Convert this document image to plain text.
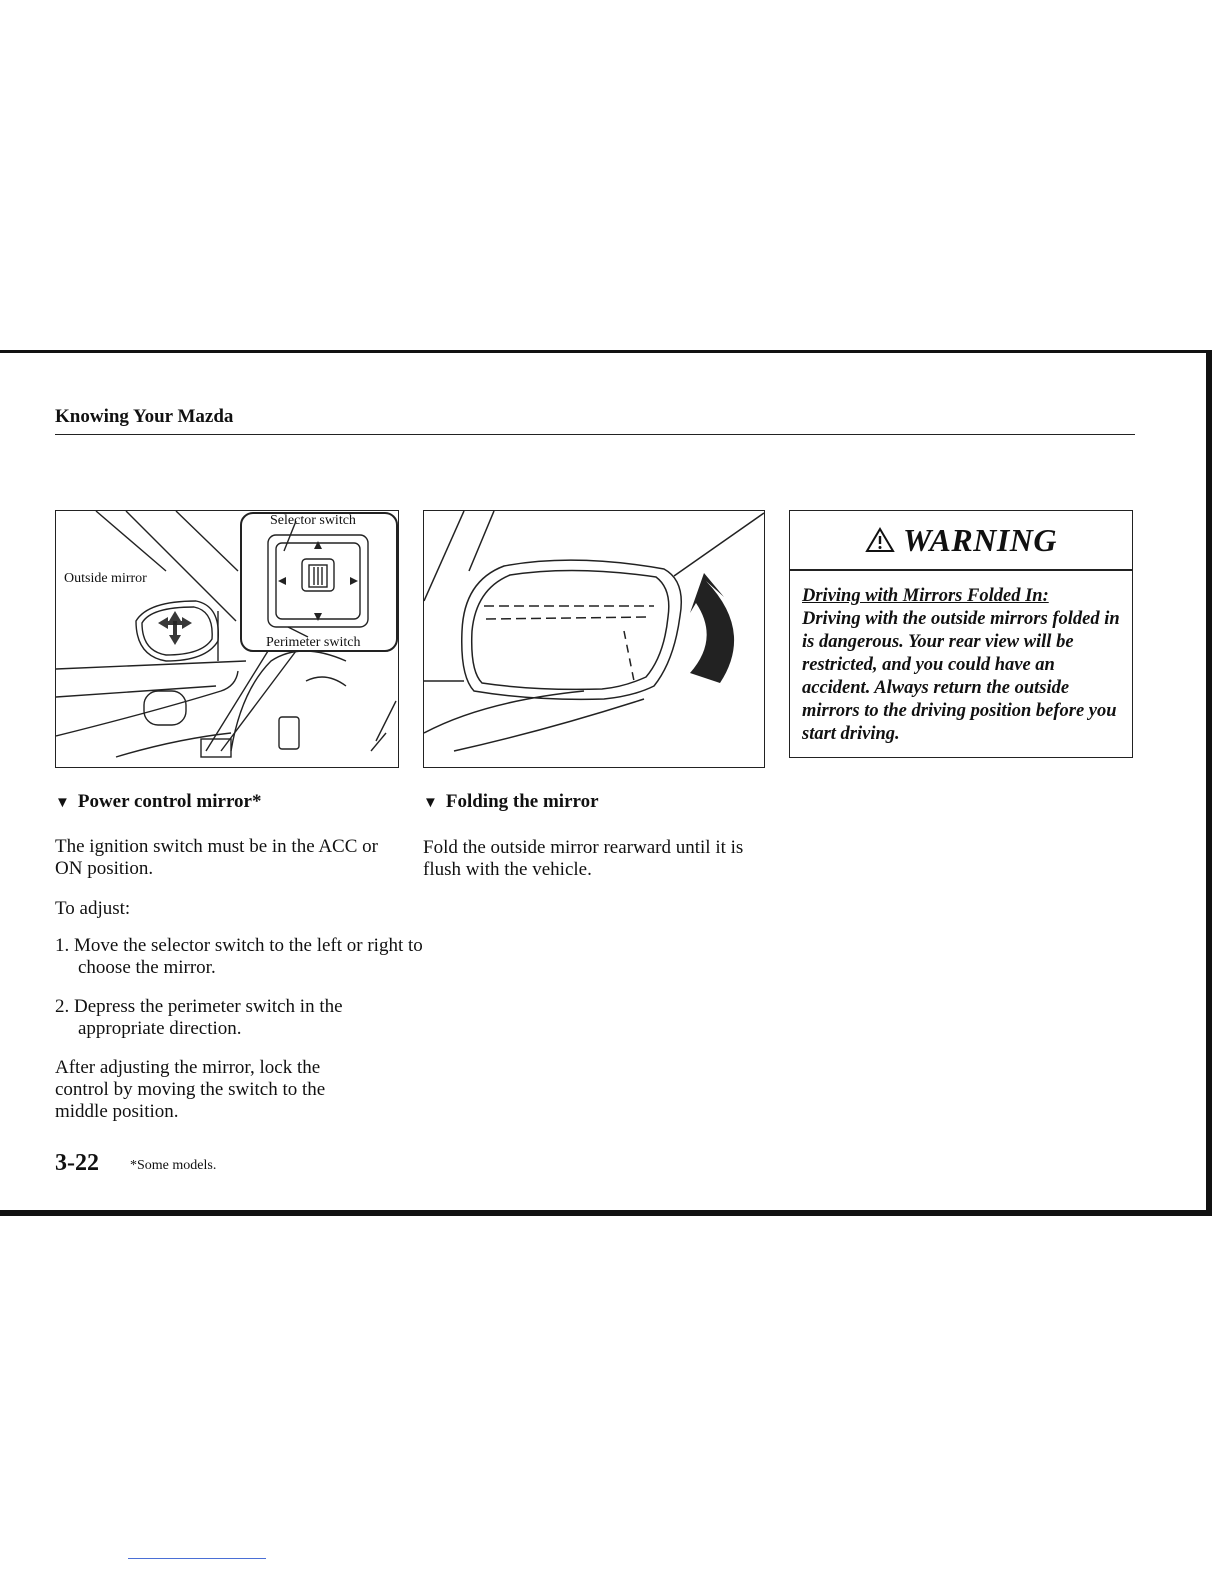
Knowing Your Mazda
Selector switch
Outside mirror
Perimeter switch
WARNING
Driving with Mirrors Folded In:
Driving with the outside mirrors folded in is dangerous. Your rear view will be restricted, and you could have an accident. Always return the outside mirrors to the driving position before you start driving.
▼ Power control mirror*
The ignition switch must be in the ACC or ON position.
To adjust:
1. Move the selector switch to the left or right to choose the mirror.
2. Depress the perimeter switch in the appropriate direction.
After adjusting the mirror, lock the control by moving the switch to the middle position.
▼ Folding the mirror
Fold the outside mirror rearward until it is flush with the vehicle.
3-22 *Some models.
